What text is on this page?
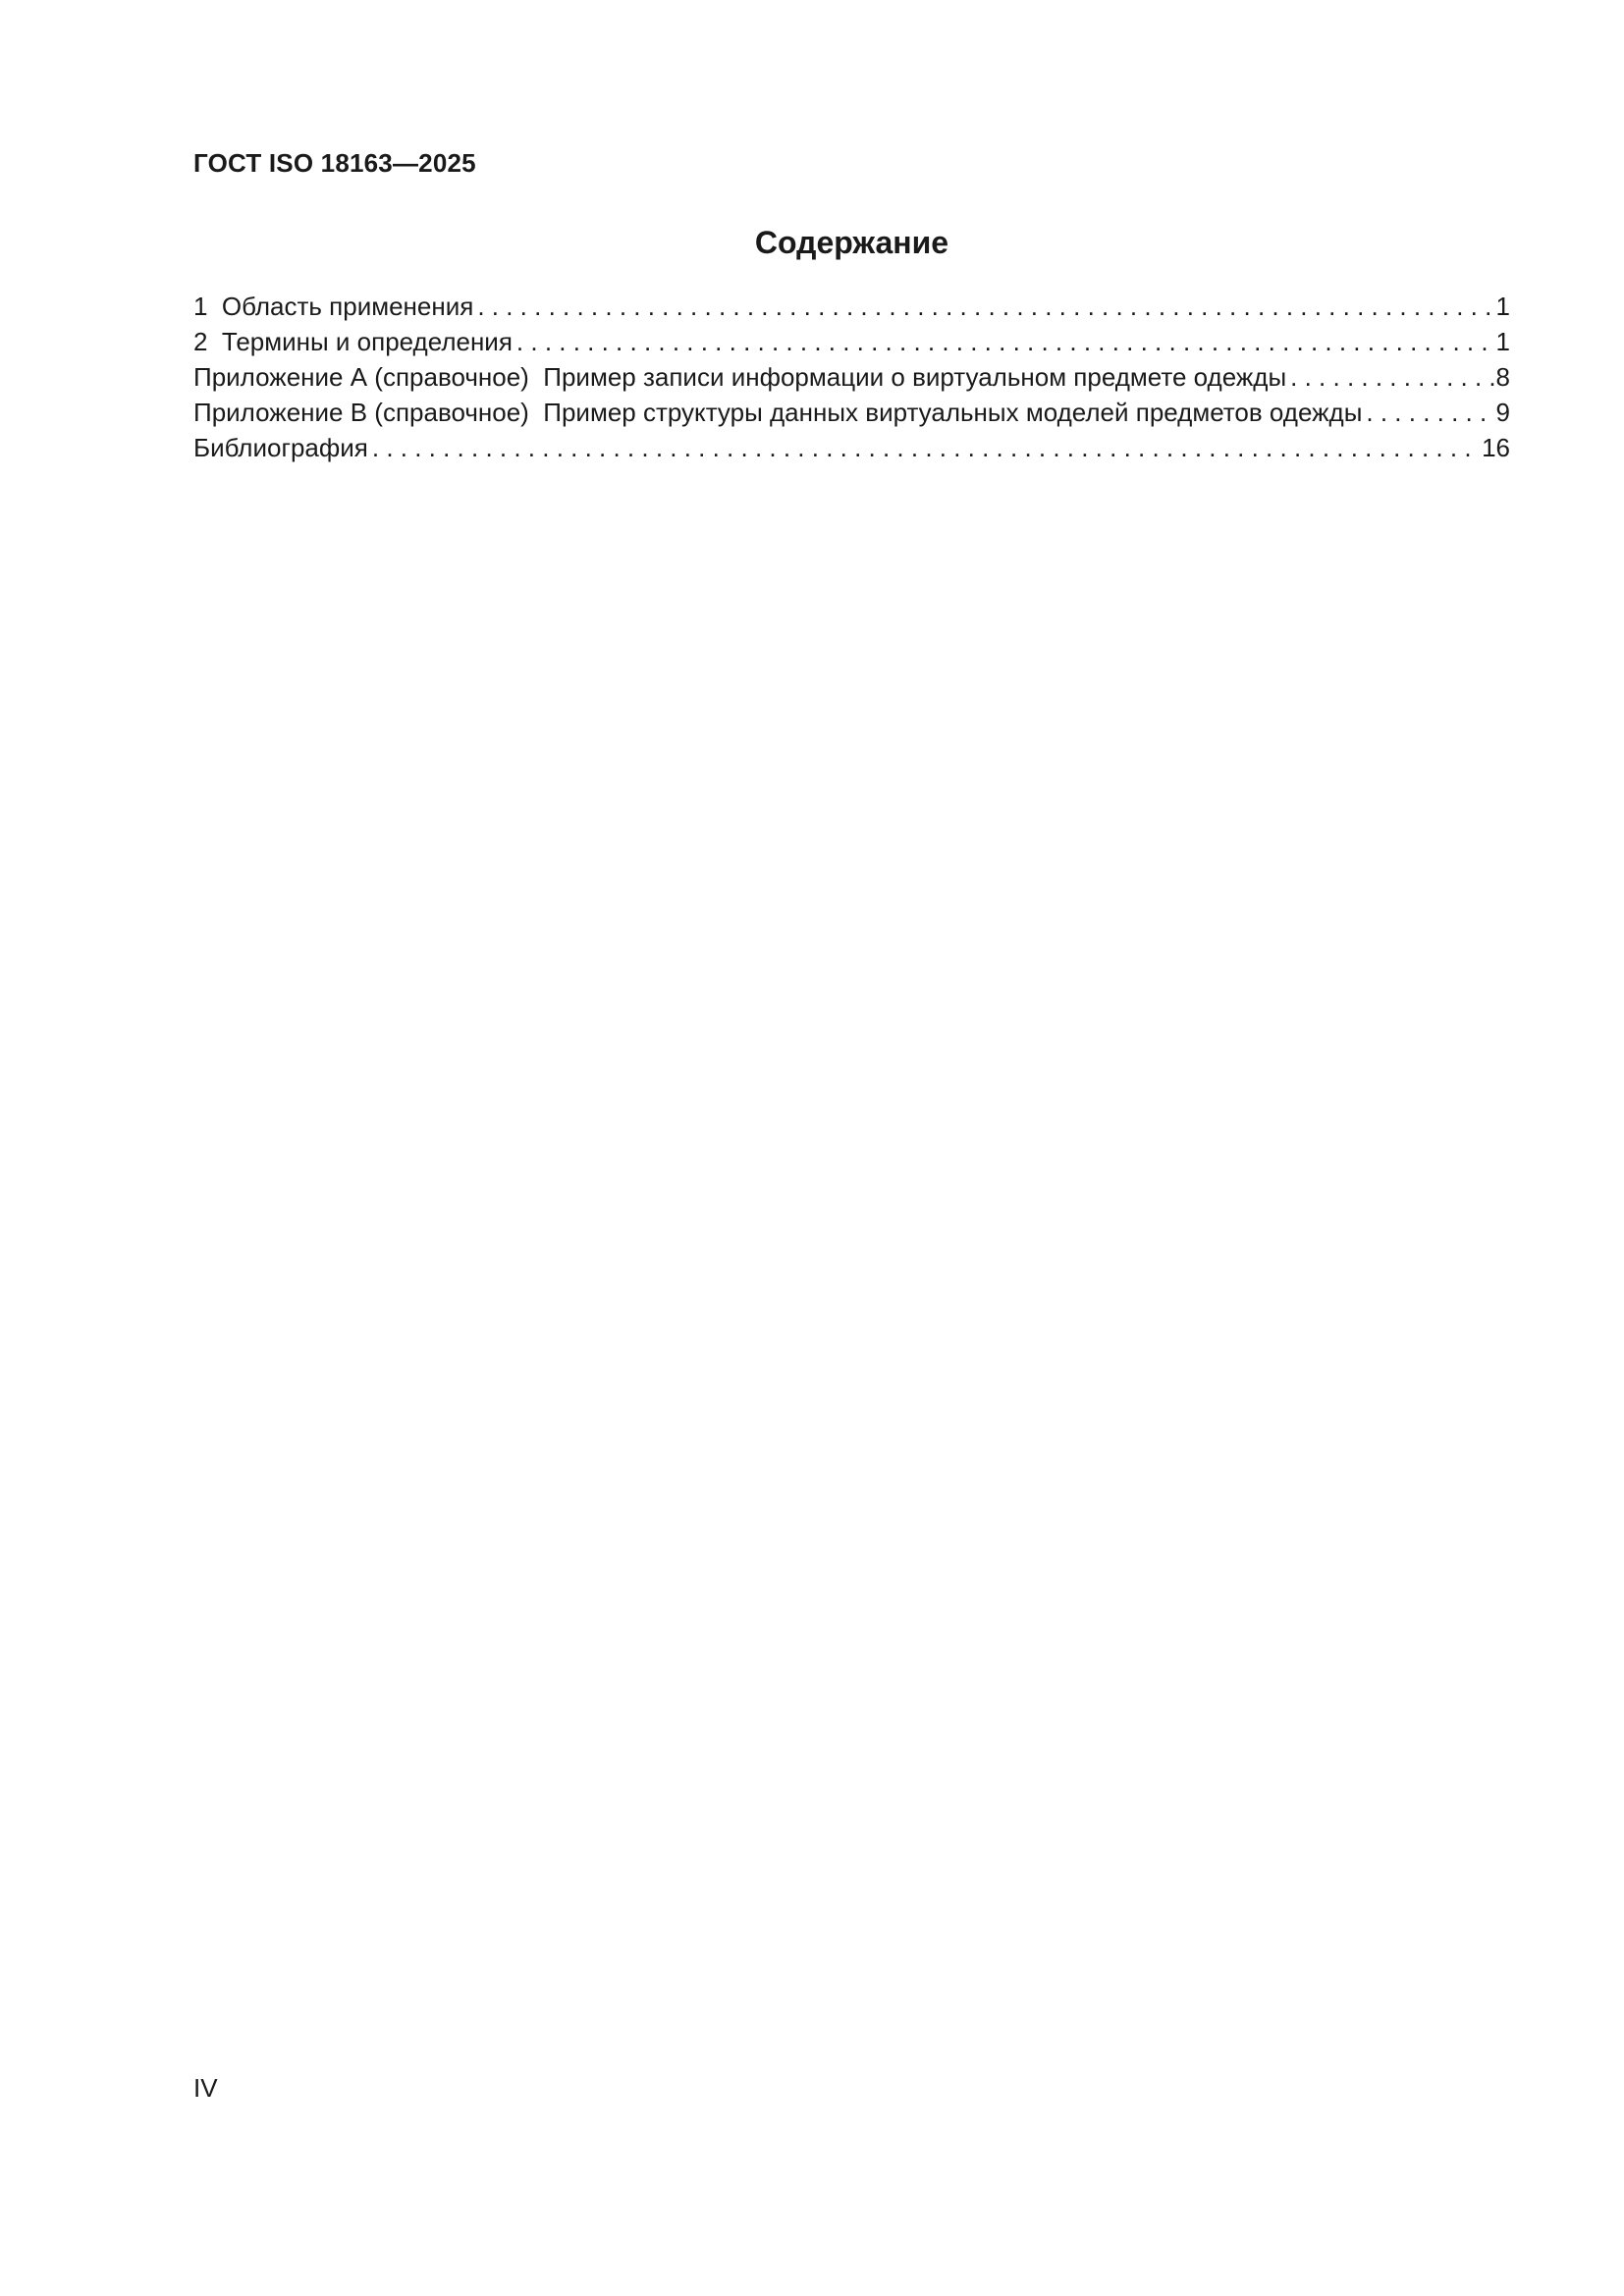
ГОСТ ISO 18163—2025

Содержание
1  Область применения . . .	1
2  Термины и определения . . .	1
Приложение А (справочное)  Пример записи информации о виртуальном предмете одежды . . .	8
Приложение В (справочное)  Пример структуры данных виртуальных моделей предметов одежды . . .	9
Библиография . . .	16

IV
